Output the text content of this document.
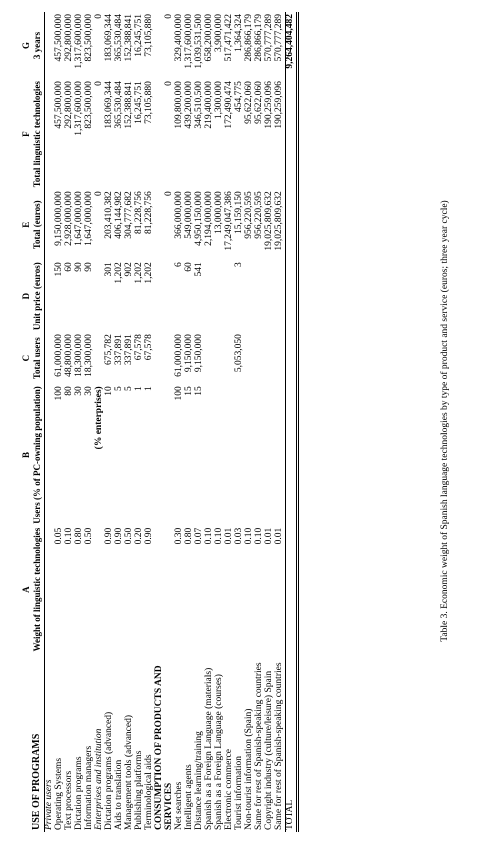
	A	B	C	D	E	F	G
USE OF PROGRAMS	Weight of linguistic technologies	Users (% of PC-owning population)	Total users	Unit price (euros)	Total (euros)	Total linguistic technologies	3 years

Private users							
Operating Systems	0.05	100	61,000,000	150	9,150,000,000	457,500,000	457,500,000
Text processors	0.10	80	48,800,000	60	2,928,000,000	292,800,000	292,800,000
Dictation programs	0.80	30	18,300,000	90	1,647,000,000	1,317,600,000	1,317,600,000
Information managers	0.50	30	18,300,000	90	1,647,000,000	823,500,000	823,500,000
Enterprises and institution		(% enterprises)			0	0	0
Dictation programs (advanced)	0.90	10	675,782	301	203,410,382	183,069,344	183,069,344
Aids to translation	0.90	5	337,891	1,202	406,144,982	365,530,484	365,530,484
Management tools (advanced)	0.50	5	337,891	902	304,777,682	152,388,841	152,388,841
Publishing platforms	0.20	1	67,578	1,202	81,228,756	16,245,751	16,245,751
Terminological aids	0.90	1	67,578	1,202	81,228,756	73,105,880	73,105,880
CONSUMPTION OF PRODUCTS AND SERVICES					0	0	0
Net searches	0.30	100	61,000,000	6	366,000,000	109,800,000	329,400,000
Intelligent agents	0.80	15	9,150,000	60	549,000,000	439,200,000	1,317,600,000
Distance learning/training	0.07	15	9,150,000	541	4,950,150,000	346,510,500	1,039,531,500
Spanish as a Foreign Language (materials)	0.10				2,194,000,000	219,400,000	658,200,000
Spanish as a Foreign Language (courses)	0.10				13,000,000	1,300,000	3,900,000
Electronic commerce	0.01				17,249,047,386	172,490,474	517,471,422
Tourist information	0.03		5,053,050	3	15,159,150	454,775	1,364,324
Non-tourist information (Spain)	0.10				956,220,595	95,622,060	286,866,179
Same for rest of Spanish-speaking countries	0.10				956,220,595	95,622,060	286,866,179
Copyright industry (culture/leisure) Spain	0.01				19,025,809,632	190,259,096	570,777,289
Same for rest of Spanish-speaking countries	0.01				19,025,809,632	190,259,096	570,777,289
TOTAL							9,264,404,482
Table 3. Economic weight of Spanish language technologies by type of product and service (euros; three year cycle)
